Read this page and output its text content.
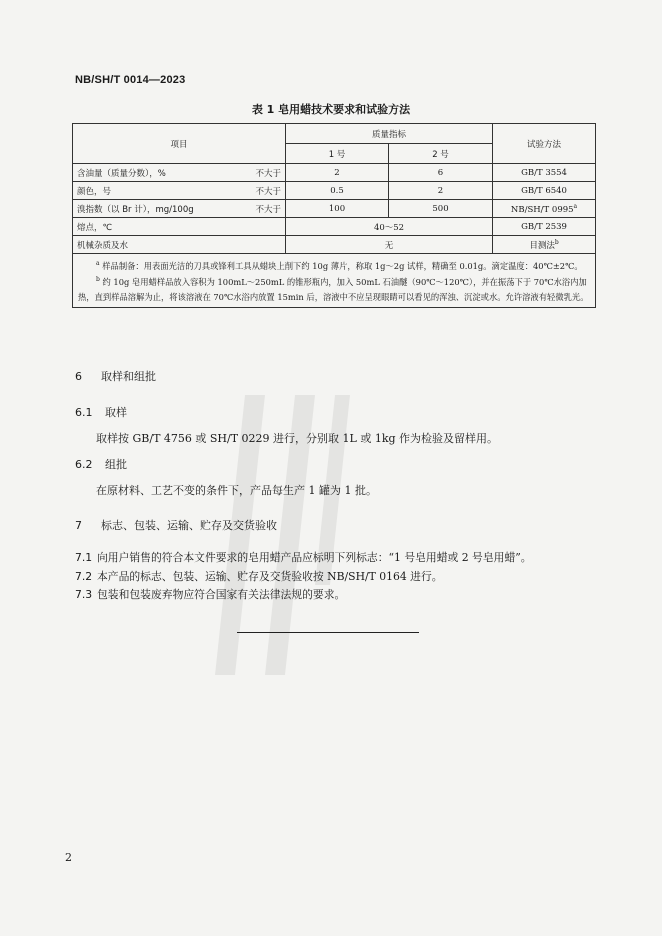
NB/SH/T 0014—2023
表 1 皂用蜡技术要求和试验方法
项目	质量指标		试验方法
	1 号	2 号	

含油量（质量分数），% 不大于	2	6	GB/T 3554

颜色，号 不大于	0.5	2	GB/T 6540

溴指数（以 Br 计），mg/100g 不大于	100	500	NB/SH/T 0995$^a$

熔点，℃	40～52		GB/T 2539

机械杂质及水	无		目测法$^b$

$^a$ 样品制备：用表面光洁的刀具或锋利工具从蜡块上削下约 10g 薄片，称取 1g～2g 试样，精确至 0.01g。滴定温度：40℃±2℃。

$^b$ 约 10g 皂用蜡样品放入容积为 100mL～250mL 的锥形瓶内，加入 50mL 石油醚（90℃～120℃），并在振荡下于 70℃水浴内加热，直到样品溶解为止，将该溶液在 70℃水浴内放置 15min 后，溶液中不应呈现眼睛可以看见的浑浊、沉淀或水。允许溶液有轻微乳光。			

6 取样和组批
6.1 取样
取样按 GB/T 4756 或 SH/T 0229 进行，分别取 1L 或 1kg 作为检验及留样用。
6.2 组批
在原材料、工艺不变的条件下，产品每生产 1 罐为 1 批。
7 标志、包装、运输、贮存及交货验收
7.1 向用户销售的符合本文件要求的皂用蜡产品应标明下列标志：“1 号皂用蜡或 2 号皂用蜡”。
7.2 本产品的标志、包装、运输、贮存及交货验收按 NB/SH/T 0164 进行。
7.3 包装和包装废弃物应符合国家有关法律法规的要求。
2
